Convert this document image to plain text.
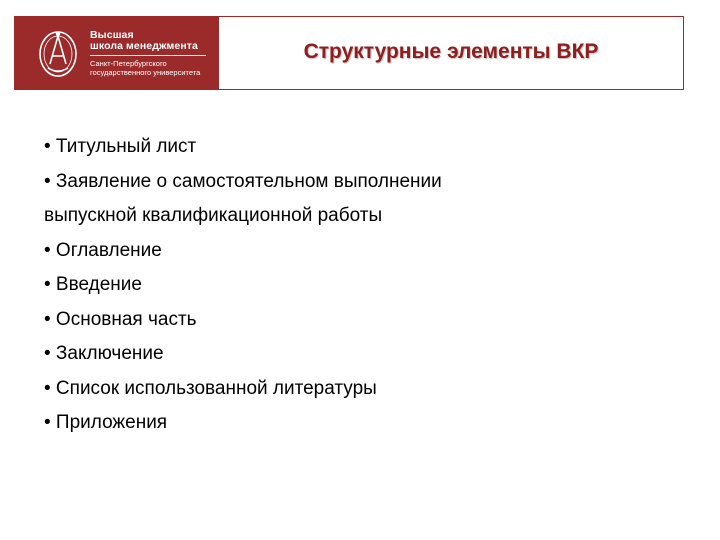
Высшая
школа менеджмента
Санкт-Петербургского
государственного университета
Структурные элементы ВКР
• Титульный лист
• Заявление о самостоятельном выполнении
выпускной квалификационной работы
• Оглавление
• Введение
• Основная часть
• Заключение
• Список использованной литературы
• Приложения
